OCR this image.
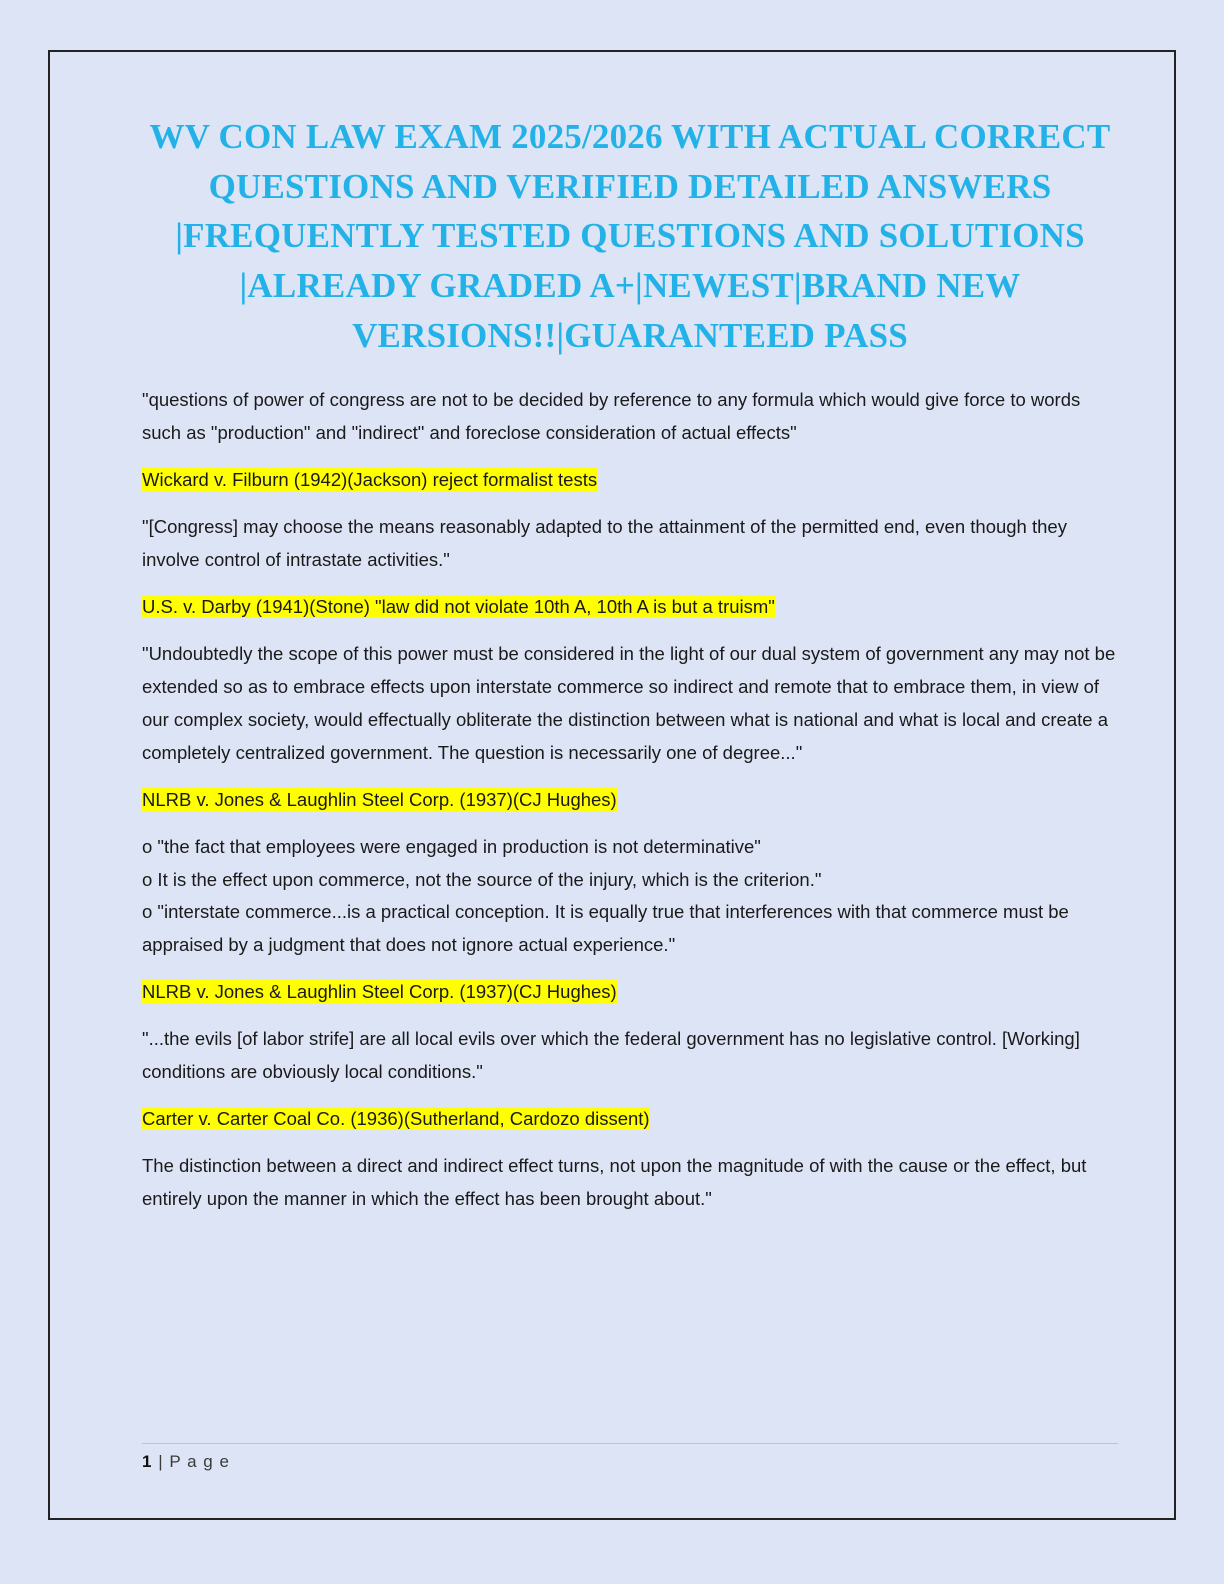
WV CON LAW EXAM 2025/2026 WITH ACTUAL CORRECT QUESTIONS AND VERIFIED DETAILED ANSWERS |FREQUENTLY TESTED QUESTIONS AND SOLUTIONS |ALREADY GRADED A+|NEWEST|BRAND NEW VERSIONS!!|GUARANTEED PASS

"questions of power of congress are not to be decided by reference to any formula which would give force to words such as "production" and "indirect" and foreclose consideration of actual effects"

Wickard v. Filburn (1942)(Jackson) reject formalist tests

"[Congress] may choose the means reasonably adapted to the attainment of the permitted end, even though they involve control of intrastate activities."

U.S. v. Darby (1941)(Stone) "law did not violate 10th A, 10th A is but a truism"

"Undoubtedly the scope of this power must be considered in the light of our dual system of government any may not be extended so as to embrace effects upon interstate commerce so indirect and remote that to embrace them, in view of our complex society, would effectually obliterate the distinction between what is national and what is local and create a completely centralized government. The question is necessarily one of degree..."

NLRB v. Jones & Laughlin Steel Corp. (1937)(CJ Hughes)
o "the fact that employees were engaged in production is not determinative"
o It is the effect upon commerce, not the source of the injury, which is the criterion."
o "interstate commerce...is a practical conception. It is equally true that interferences with that commerce must be appraised by a judgment that does not ignore actual experience."
NLRB v. Jones & Laughlin Steel Corp. (1937)(CJ Hughes)

"...the evils [of labor strife] are all local evils over which the federal government has no legislative control. [Working] conditions are obviously local conditions."

Carter v. Carter Coal Co. (1936)(Sutherland, Cardozo dissent)

The distinction between a direct and indirect effect turns, not upon the magnitude of with the cause or the effect, but entirely upon the manner in which the effect has been brought about."

1 | P a g e
